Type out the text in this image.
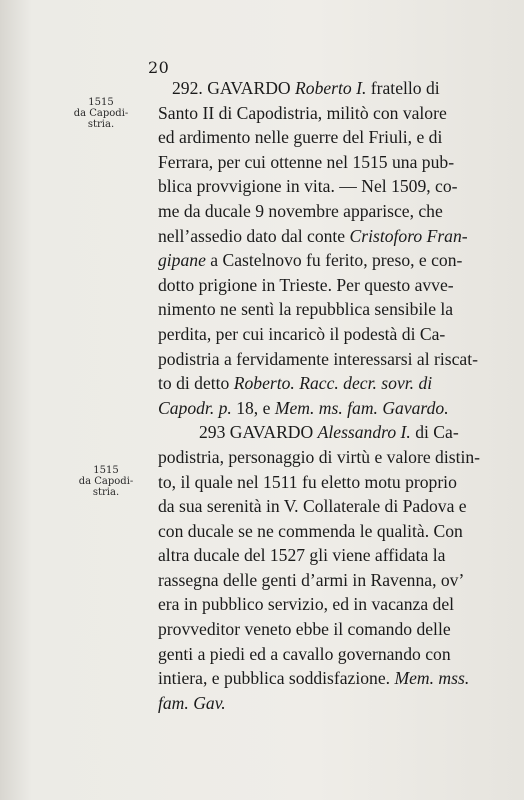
20
1515
da Capodi-
stria.
1515
da Capodi-
stria.
292. GAVARDO Roberto I. fratello di
Santo II di Capodistria, militò con valore
ed ardimento nelle guerre del Friuli, e di
Ferrara, per cui ottenne nel 1515 una pub-
blica provvigione in vita. — Nel 1509, co-
me da ducale 9 novembre apparisce, che
nell’assedio dato dal conte Cristoforo Fran-
gipane a Castelnovo fu ferito, preso, e con-
dotto prigione in Trieste. Per questo avve-
nimento ne sentì la repubblica sensibile la
perdita, per cui incaricò il podestà di Ca-
podistria a fervidamente interessarsi al riscat-
to di detto Roberto. Racc. decr. sovr. di
Capodr. p. 18, e Mem. ms. fam. Gavardo.
293 GAVARDO Alessandro I. di Ca-
podistria, personaggio di virtù e valore distin-
to, il quale nel 1511 fu eletto motu proprio
da sua serenità in V. Collaterale di Padova e
con ducale se ne commenda le qualità. Con
altra ducale del 1527 gli viene affidata la
rassegna delle genti d’armi in Ravenna, ov’
era in pubblico servizio, ed in vacanza del
provveditor veneto ebbe il comando delle
genti a piedi ed a cavallo governando con
intiera, e pubblica soddisfazione. Mem. mss.
fam. Gav.
